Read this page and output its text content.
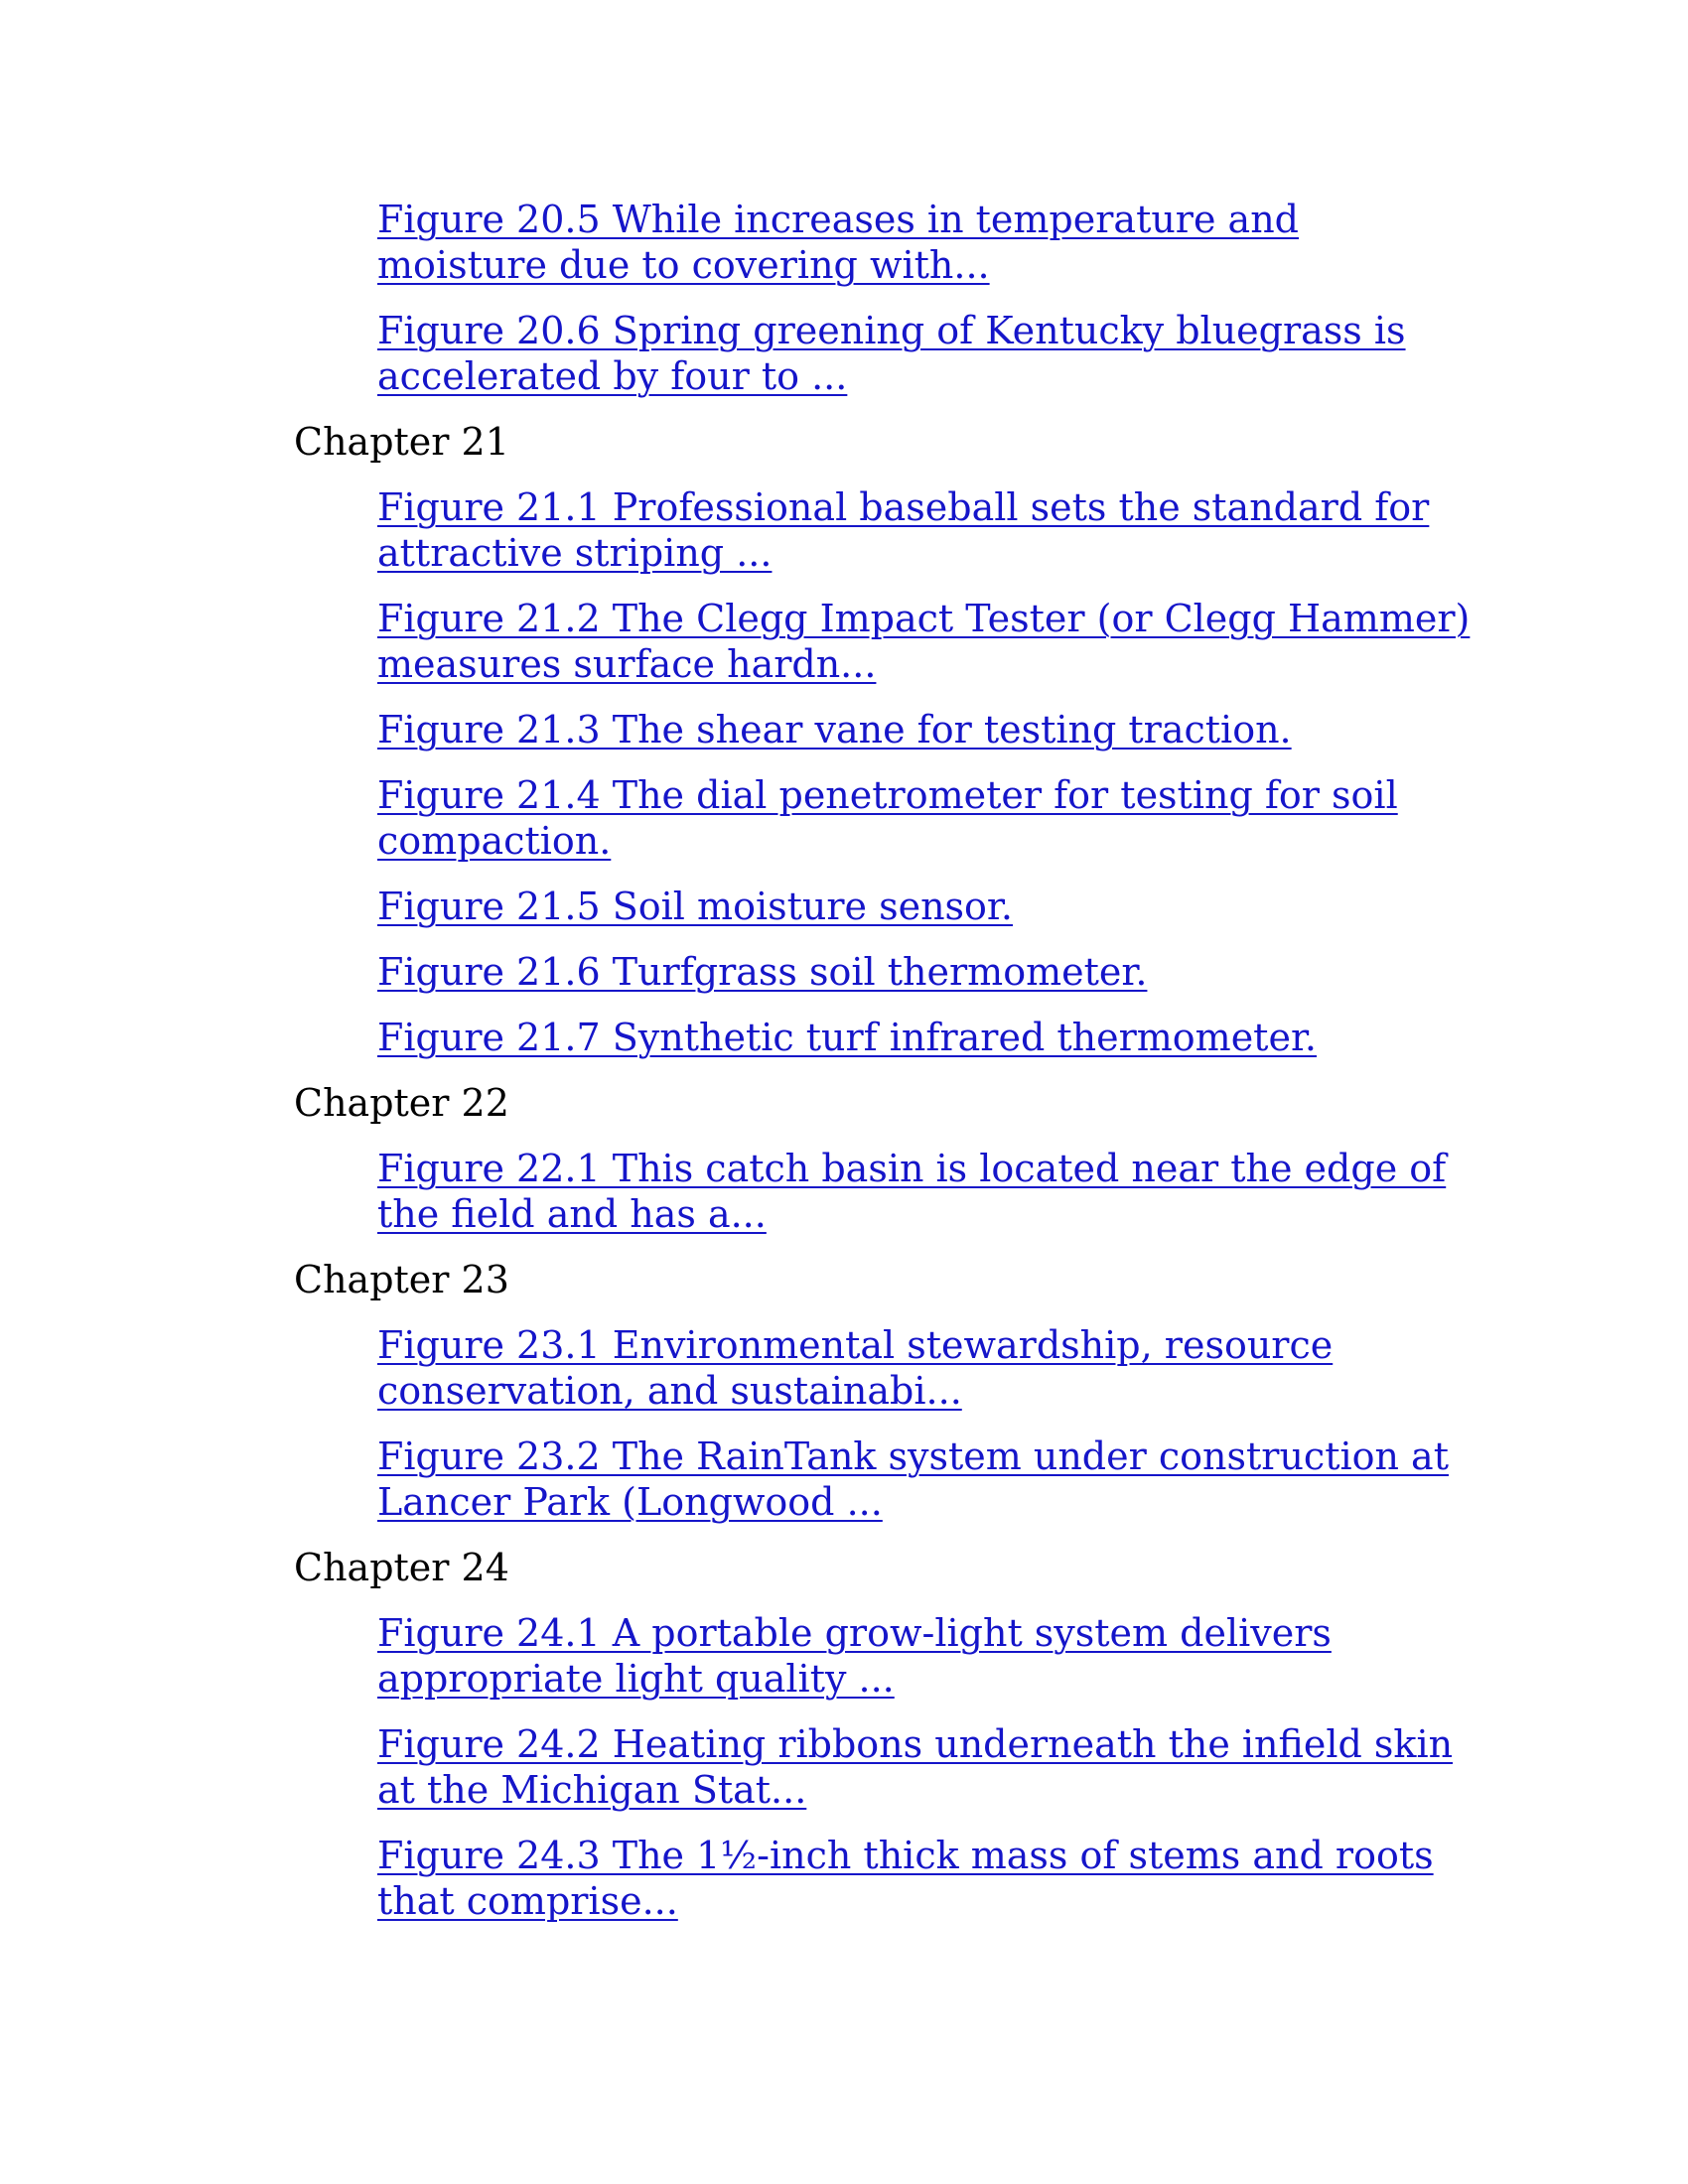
Figure 20.5 While increases in temperature and moisture due to covering with...
Figure 20.6 Spring greening of Kentucky bluegrass is accelerated by four to ...
Chapter 21
Figure 21.1 Professional baseball sets the standard for attractive striping ...
Figure 21.2 The Clegg Impact Tester (or Clegg Hammer) measures surface hardn...
Figure 21.3 The shear vane for testing traction.
Figure 21.4 The dial penetrometer for testing for soil compaction.
Figure 21.5 Soil moisture sensor.
Figure 21.6 Turfgrass soil thermometer.
Figure 21.7 Synthetic turf infrared thermometer.
Chapter 22
Figure 22.1 This catch basin is located near the edge of the field and has a...
Chapter 23
Figure 23.1 Environmental stewardship, resource conservation, and sustainabi...
Figure 23.2 The RainTank system under construction at Lancer Park (Longwood ...
Chapter 24
Figure 24.1 A portable grow-light system delivers appropriate light quality ...
Figure 24.2 Heating ribbons underneath the infield skin at the Michigan Stat...
Figure 24.3 The 1½-inch thick mass of stems and roots that comprise...
